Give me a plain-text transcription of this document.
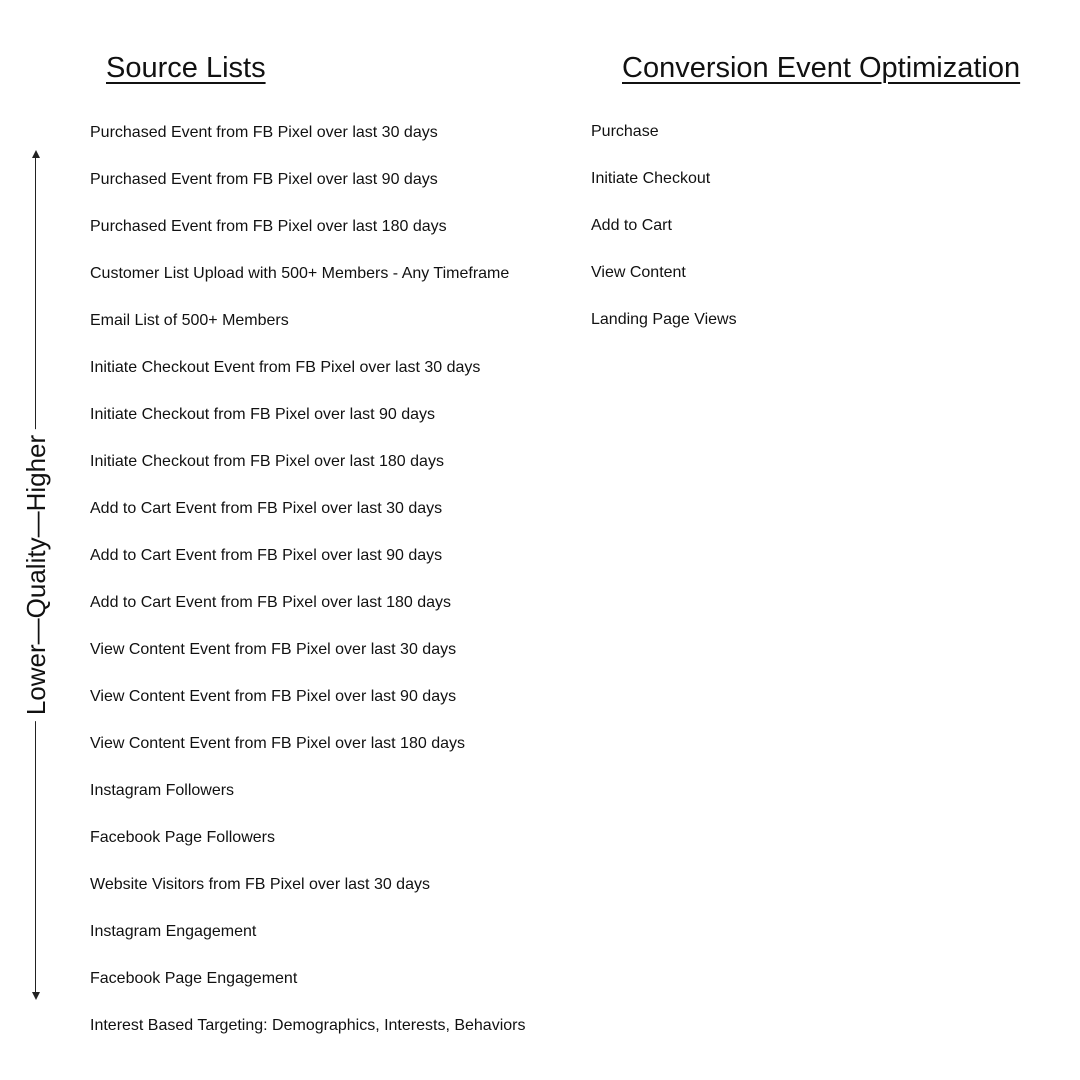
Source Lists	Conversion Event Optimization
Lower—Quality—Higher
Purchased Event from FB Pixel over last 30 days
Purchased Event from FB Pixel over last 90 days
Purchased Event from FB Pixel over last 180 days
Customer List Upload with 500+ Members - Any Timeframe
Email List of 500+ Members
Initiate Checkout Event from FB Pixel over last 30 days
Initiate Checkout from FB Pixel over last 90 days
Initiate Checkout from FB Pixel over last 180 days
Add to Cart Event from FB Pixel over last 30 days
Add to Cart Event from FB Pixel over last 90 days
Add to Cart Event from FB Pixel over last 180 days
View Content Event from FB Pixel over last 30 days
View Content Event from FB Pixel over last 90 days
View Content Event from FB Pixel over last 180 days
Instagram Followers
Facebook Page Followers
Website Visitors from FB Pixel over last 30 days
Instagram Engagement
Facebook Page Engagement
Interest Based Targeting: Demographics, Interests, Behaviors
Purchase
Initiate Checkout
Add to Cart
View Content
Landing Page Views
